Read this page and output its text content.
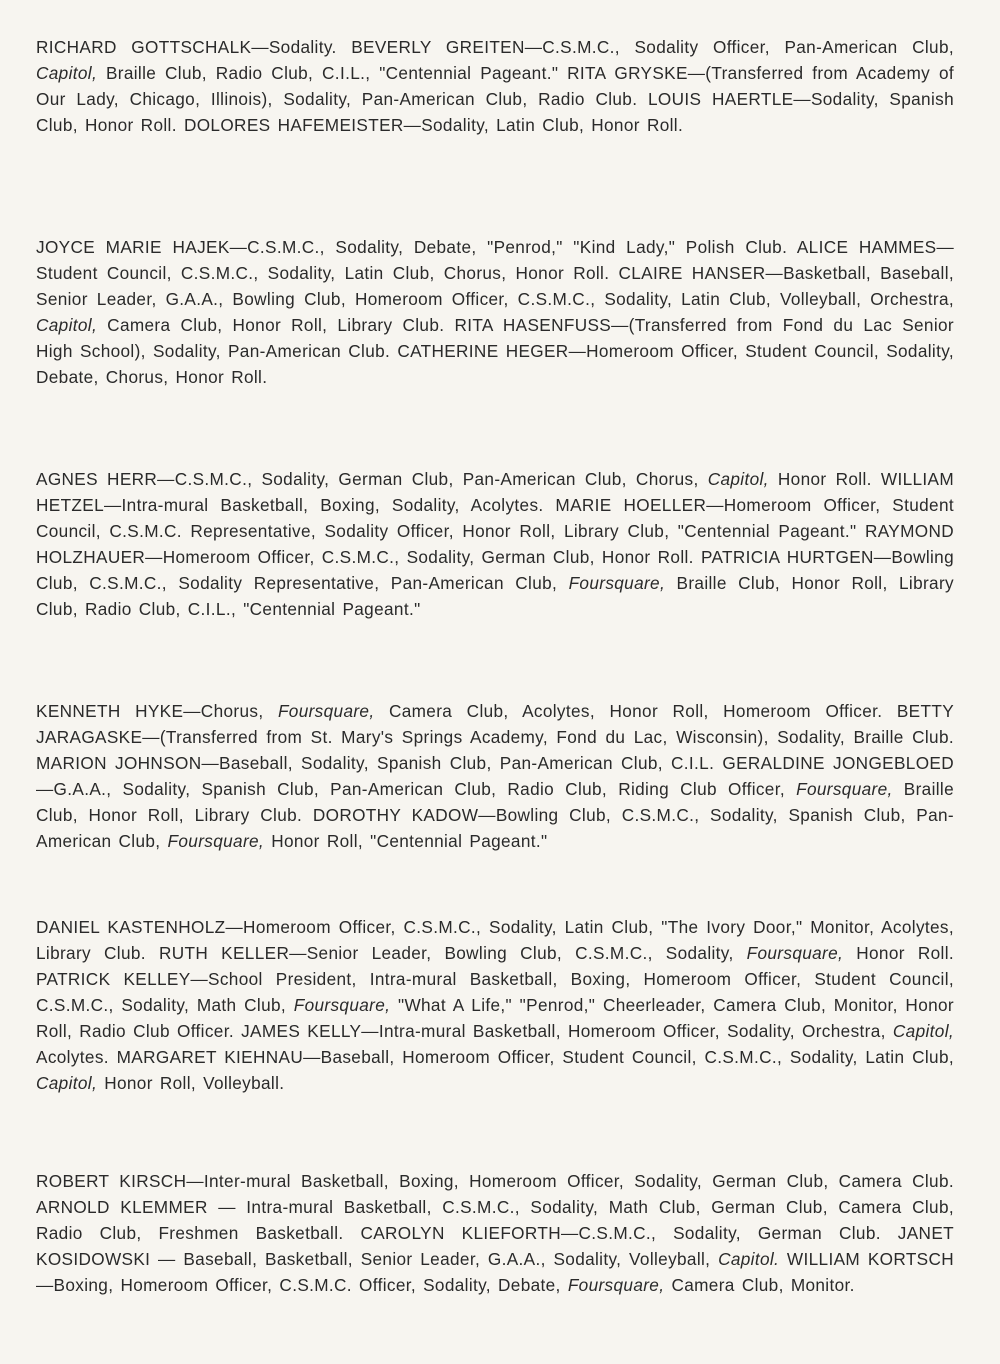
RICHARD GOTTSCHALK—Sodality. BEVERLY GREITEN—C.S.M.C., Sodality Officer, Pan-American Club, Capitol, Braille Club, Radio Club, C.I.L., "Centennial Pageant." RITA GRYSKE—(Transferred from Academy of Our Lady, Chicago, Illinois), Sodality, Pan-American Club, Radio Club. LOUIS HAERTLE—Sodality, Spanish Club, Honor Roll. DOLORES HAFEMEISTER—Sodality, Latin Club, Honor Roll.

JOYCE MARIE HAJEK—C.S.M.C., Sodality, Debate, "Penrod," "Kind Lady," Polish Club. ALICE HAMMES—Student Council, C.S.M.C., Sodality, Latin Club, Chorus, Honor Roll. CLAIRE HANSER—Basketball, Baseball, Senior Leader, G.A.A., Bowling Club, Homeroom Officer, C.S.M.C., Sodality, Latin Club, Volleyball, Orchestra, Capitol, Camera Club, Honor Roll, Library Club. RITA HASENFUSS—(Transferred from Fond du Lac Senior High School), Sodality, Pan-American Club. CATHERINE HEGER—Homeroom Officer, Student Council, Sodality, Debate, Chorus, Honor Roll.

AGNES HERR—C.S.M.C., Sodality, German Club, Pan-American Club, Chorus, Capitol, Honor Roll. WILLIAM HETZEL—Intra-mural Basketball, Boxing, Sodality, Acolytes. MARIE HOELLER—Homeroom Officer, Student Council, C.S.M.C. Representative, Sodality Officer, Honor Roll, Library Club, "Centennial Pageant." RAYMOND HOLZHAUER—Homeroom Officer, C.S.M.C., Sodality, German Club, Honor Roll. PATRICIA HURTGEN—Bowling Club, C.S.M.C., Sodality Representative, Pan-American Club, Foursquare, Braille Club, Honor Roll, Library Club, Radio Club, C.I.L., "Centennial Pageant."

KENNETH HYKE—Chorus, Foursquare, Camera Club, Acolytes, Honor Roll, Homeroom Officer. BETTY JARAGASKE—(Transferred from St. Mary's Springs Academy, Fond du Lac, Wisconsin), Sodality, Braille Club. MARION JOHNSON—Baseball, Sodality, Spanish Club, Pan-American Club, C.I.L. GERALDINE JONGEBLOED—G.A.A., Sodality, Spanish Club, Pan-American Club, Radio Club, Riding Club Officer, Foursquare, Braille Club, Honor Roll, Library Club. DOROTHY KADOW—Bowling Club, C.S.M.C., Sodality, Spanish Club, Pan-American Club, Foursquare, Honor Roll, "Centennial Pageant."

DANIEL KASTENHOLZ—Homeroom Officer, C.S.M.C., Sodality, Latin Club, "The Ivory Door," Monitor, Acolytes, Library Club. RUTH KELLER—Senior Leader, Bowling Club, C.S.M.C., Sodality, Foursquare, Honor Roll. PATRICK KELLEY—School President, Intra-mural Basketball, Boxing, Homeroom Officer, Student Council, C.S.M.C., Sodality, Math Club, Foursquare, "What A Life," "Penrod," Cheerleader, Camera Club, Monitor, Honor Roll, Radio Club Officer. JAMES KELLY—Intra-mural Basketball, Homeroom Officer, Sodality, Orchestra, Capitol, Acolytes. MARGARET KIEHNAU—Baseball, Homeroom Officer, Student Council, C.S.M.C., Sodality, Latin Club, Capitol, Honor Roll, Volleyball.

ROBERT KIRSCH—Inter-mural Basketball, Boxing, Homeroom Officer, Sodality, German Club, Camera Club. ARNOLD KLEMMER — Intra-mural Basketball, C.S.M.C., Sodality, Math Club, German Club, Camera Club, Radio Club, Freshmen Basketball. CAROLYN KLIEFORTH—C.S.M.C., Sodality, German Club. JANET KOSIDOWSKI — Baseball, Basketball, Senior Leader, G.A.A., Sodality, Volleyball, Capitol. WILLIAM KORTSCH—Boxing, Homeroom Officer, C.S.M.C. Officer, Sodality, Debate, Foursquare, Camera Club, Monitor.
